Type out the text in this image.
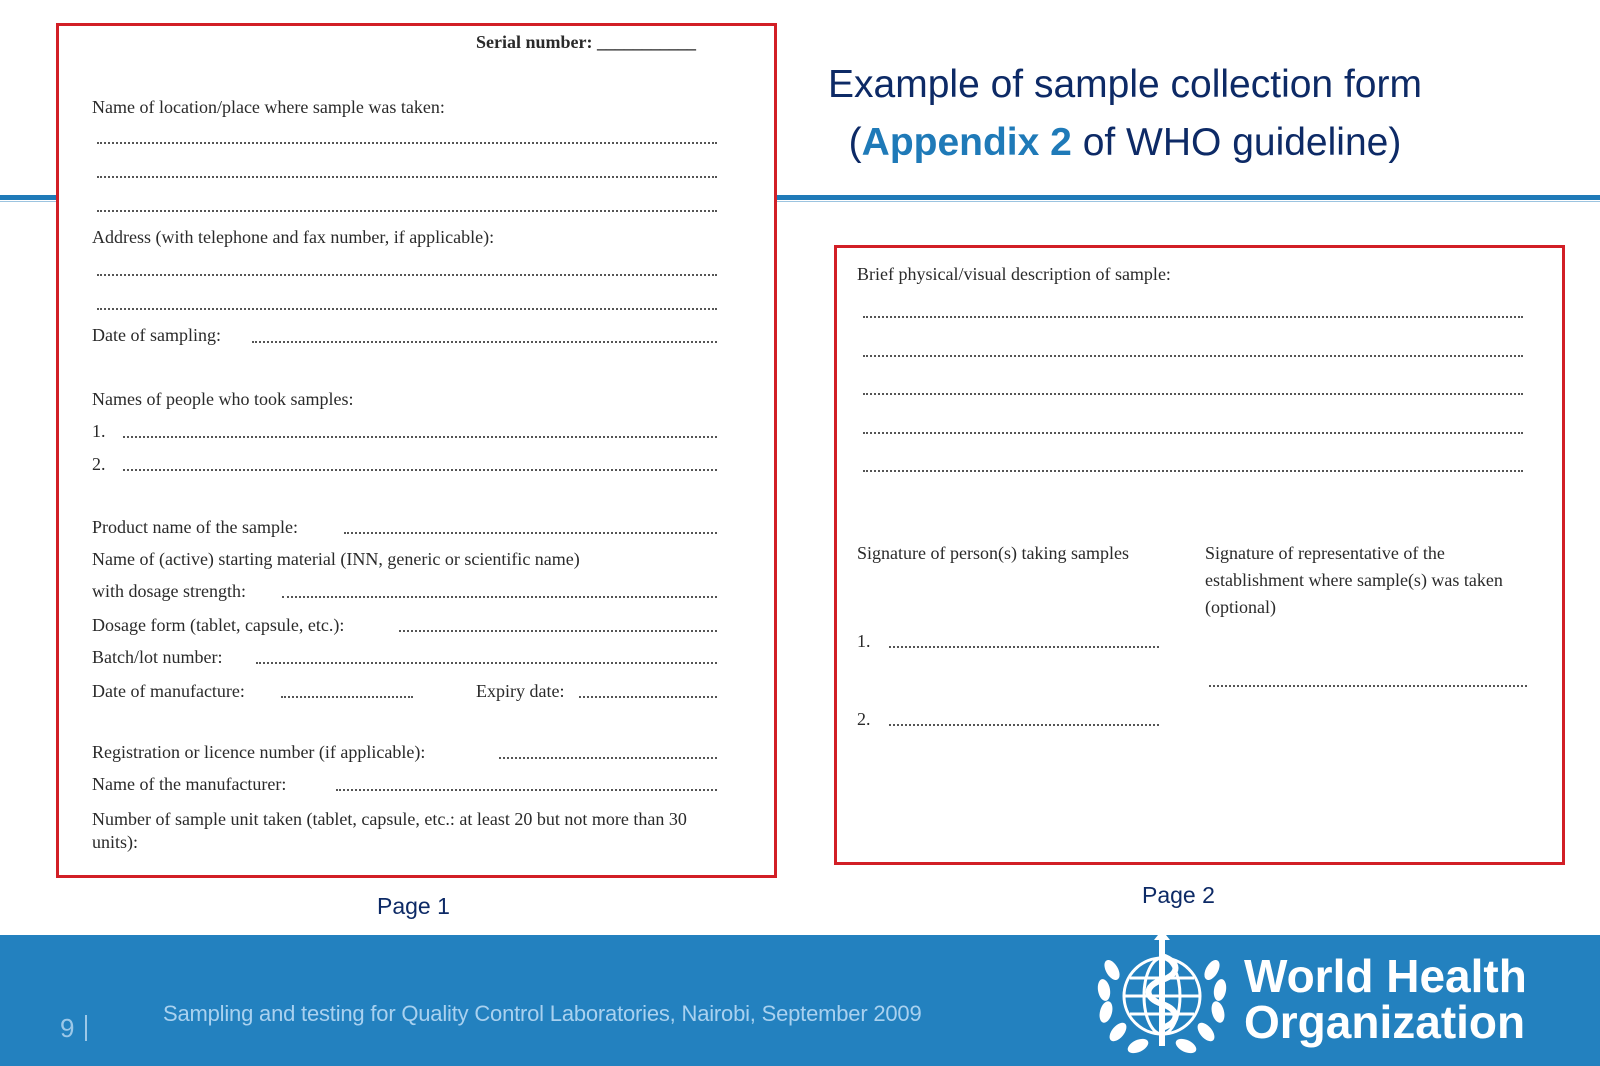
Example of sample collection form
(Appendix 2 of WHO guideline)
Serial number: ___________
Name of location/place where sample was taken:
Address (with telephone and fax number, if applicable):
Date of sampling:
Names of people who took samples:
1.
2.
Product name of the sample:
Name of (active) starting material (INN, generic or scientific name)
with dosage strength:
Dosage form (tablet, capsule, etc.):
Batch/lot number:
Date of manufacture:	Expiry date:
Registration or licence number (if applicable):
Name of the manufacturer:
Number of sample unit taken (tablet, capsule, etc.: at least 20 but not more than 30 units):
Brief physical/visual description of sample:
Signature of person(s) taking samples	Signature of representative of the establishment where sample(s) was taken (optional)
1.
2.
Page 1	Page 2
9	Sampling and testing for Quality Control Laboratories, Nairobi, September 2009
World Health
Organization
